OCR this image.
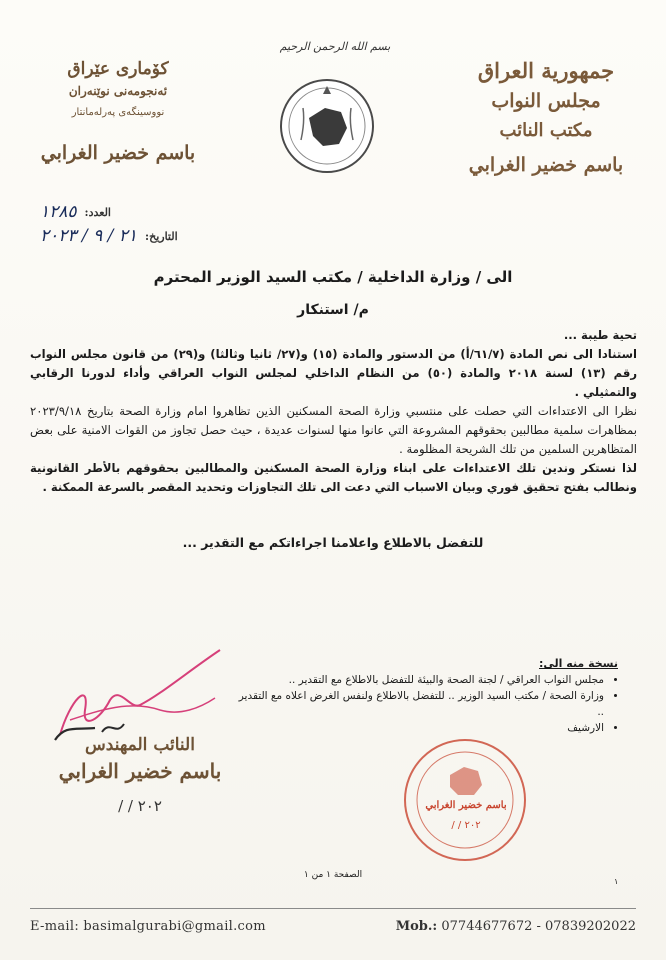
بسم الله الرحمن الرحيم
جمهورية العراق
مجلس النواب
مكتب النائب
باسم خضير الغرابي
كۆماری عێراق
ئەنجومەنی نوێنەران
نووسینگەی پەرلەمانتار
باسم خضير الغرابي
العدد:
١٢٨٥
التاريخ:
٢١ / ٩ / ٢٠٢٣
الى / وزارة الداخلية / مكتب السيد الوزير المحترم
م/ استنكار

تحية طيبة ...

استنادا الى نص المادة (٦١/٧/أ) من الدستور والمادة (١٥) و(٢٧/ ثانيا وثالثا) و(٢٩) من قانون مجلس النواب رقم (١٣) لسنة ٢٠١٨ والمادة (٥٠) من النظام الداخلي لمجلس النواب العراقي وأداء لدورنا الرقابي والتمثيلي .

نظرا الى الاعتداءات التي حصلت على منتسبي وزارة الصحة المسكنين الذين تظاهروا امام وزارة الصحة بتاريخ ٢٠٢٣/٩/١٨ بمظاهرات سلمية مطالبين بحقوقهم المشروعة التي عانوا منها لسنوات عديدة ، حيث حصل تجاوز من القوات الامنية على بعض المتظاهرين السلمين من تلك الشريحة المظلومة .

لذا نستكر وندين تلك الاعتداءات على ابناء وزارة الصحة المسكنين والمطالبين بحقوقهم بالأطر القانونية ونطالب بفتح تحقيق فوري وبيان الاسباب التي دعت الى تلك التجاوزات وتحديد المقصر بالسرعة الممكنة .

للتفضل بالاطلاع واعلامنا اجراءاتكم مع التقدير ...
نسخة منه الى:
• مجلس النواب العراقي / لجنة الصحة والبيئة للتفضل بالاطلاع مع التقدير ..
• وزارة الصحة / مكتب السيد الوزير .. للتفضل بالاطلاع ولنفس الغرض اعلاه مع التقدير ..
• الارشيف
النائب المهندس
باسم خضير الغرابي
٢٠٢ / /	باسم خضير الغرابي
٢٠٢ / /
الصفحة ١ من ١
١
E-mail: basimalgurabi@gmail.com	Mob.: 07744677672 - 07839202022
